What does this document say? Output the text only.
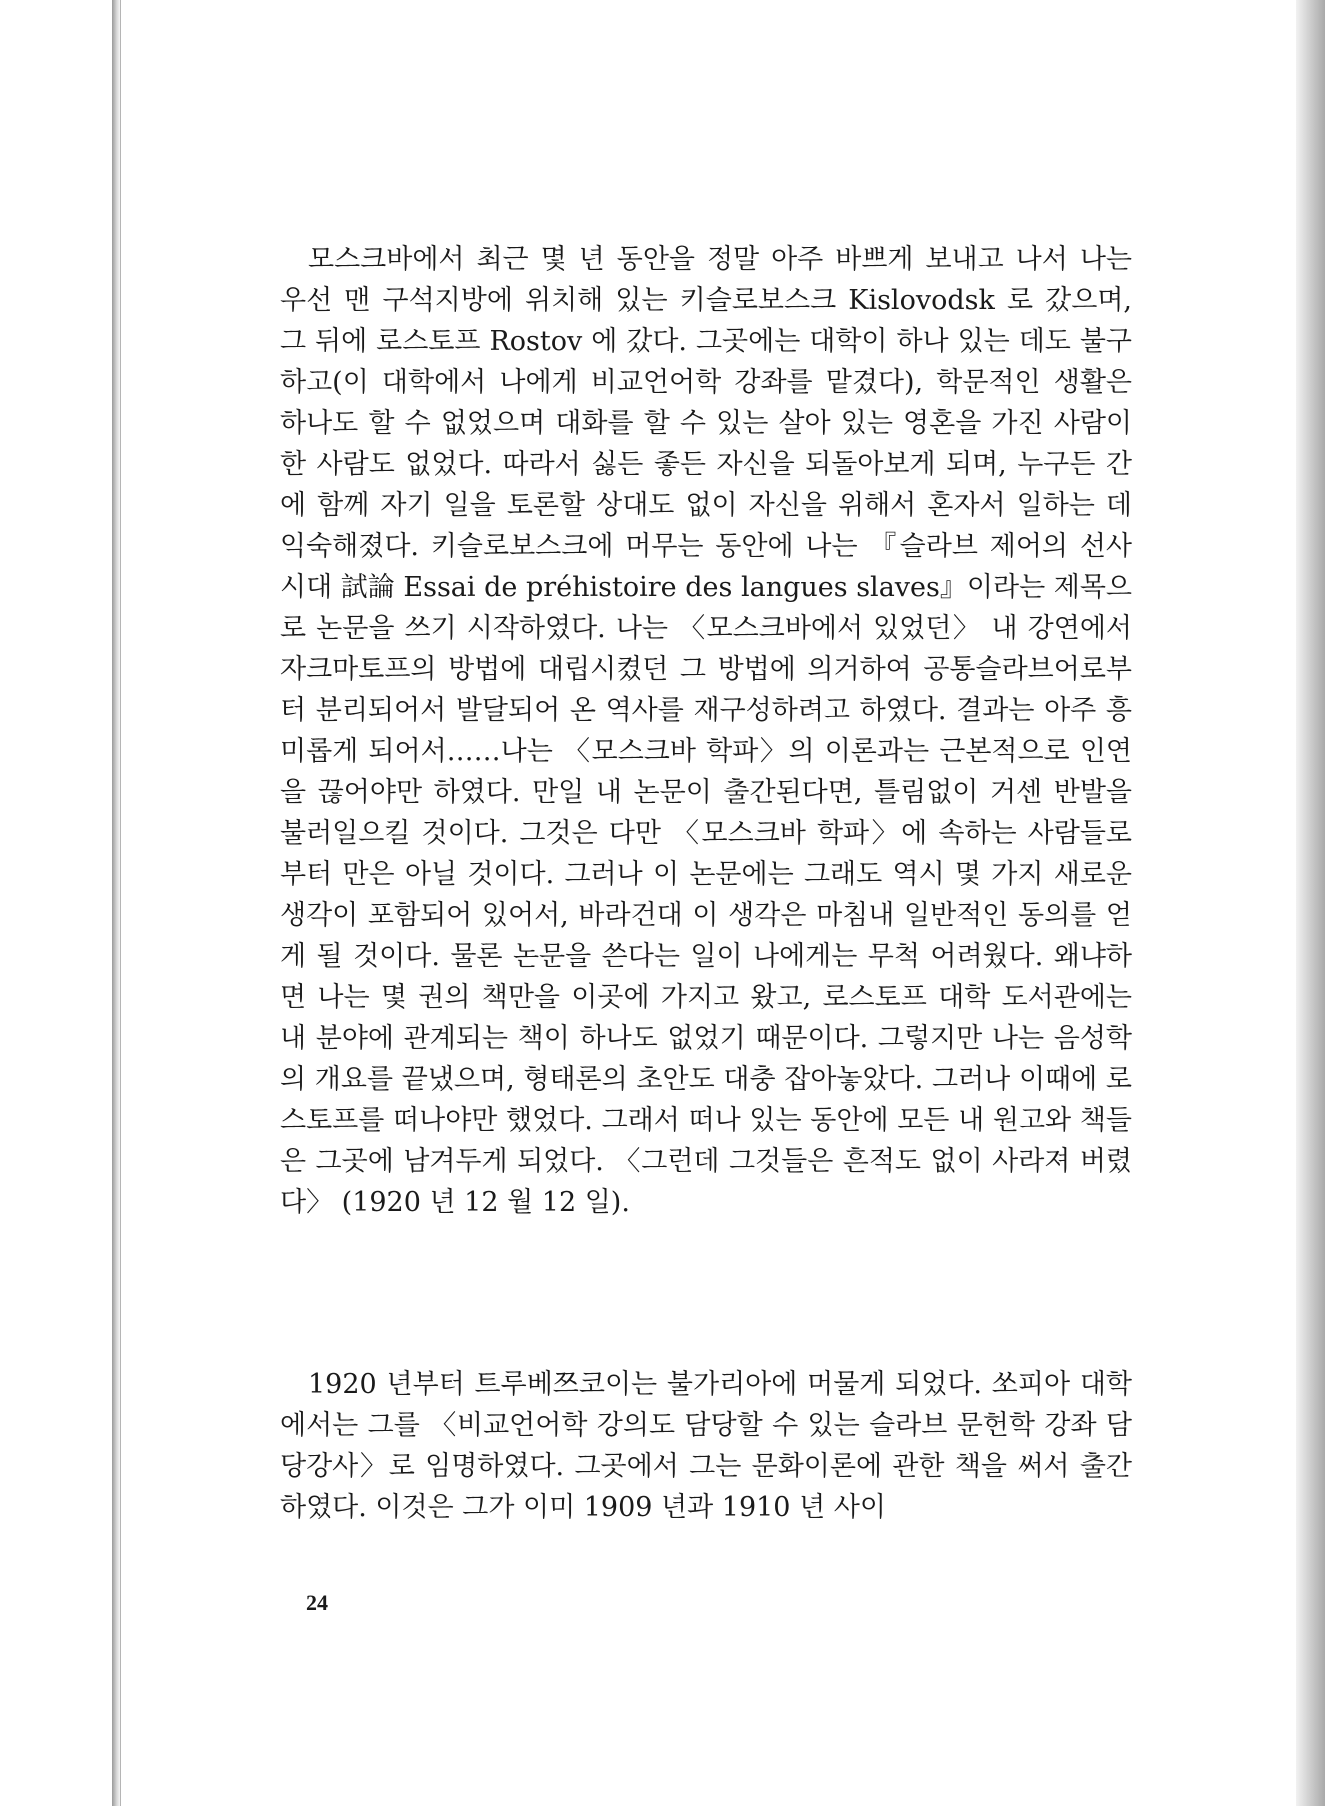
모스크바에서 최근 몇 년 동안을 정말 아주 바쁘게 보내고 나서 나는 우선 맨 구석지방에 위치해 있는 키슬로보스크 Kislovodsk 로 갔으며, 그 뒤에 로스토프 Rostov 에 갔다. 그곳에는 대학이 하나 있는 데도 불구하고(이 대학에서 나에게 비교언어학 강좌를 맡겼다), 학문적인 생활은 하나도 할 수 없었으며 대화를 할 수 있는 살아 있는 영혼을 가진 사람이 한 사람도 없었다. 따라서 싫든 좋든 자신을 되돌아보게 되며, 누구든 간에 함께 자기 일을 토론할 상대도 없이 자신을 위해서 혼자서 일하는 데 익숙해졌다. 키슬로보스크에 머무는 동안에 나는 『슬라브 제어의 선사시대 試論 Essai de préhistoire des langues slaves』이라는 제목으로 논문을 쓰기 시작하였다. 나는 〈모스크바에서 있었던〉 내 강연에서 자크마토프의 방법에 대립시켰던 그 방법에 의거하여 공통슬라브어로부터 분리되어서 발달되어 온 역사를 재구성하려고 하였다. 결과는 아주 흥미롭게 되어서……나는 〈모스크바 학파〉의 이론과는 근본적으로 인연을 끊어야만 하였다. 만일 내 논문이 출간된다면, 틀림없이 거센 반발을 불러일으킬 것이다. 그것은 다만 〈모스크바 학파〉에 속하는 사람들로부터 만은 아닐 것이다. 그러나 이 논문에는 그래도 역시 몇 가지 새로운 생각이 포함되어 있어서, 바라건대 이 생각은 마침내 일반적인 동의를 얻게 될 것이다. 물론 논문을 쓴다는 일이 나에게는 무척 어려웠다. 왜냐하면 나는 몇 권의 책만을 이곳에 가지고 왔고, 로스토프 대학 도서관에는 내 분야에 관계되는 책이 하나도 없었기 때문이다. 그렇지만 나는 음성학의 개요를 끝냈으며, 형태론의 초안도 대충 잡아놓았다. 그러나 이때에 로스토프를 떠나야만 했었다. 그래서 떠나 있는 동안에 모든 내 원고와 책들은 그곳에 남겨두게 되었다. 〈그런데 그것들은 흔적도 없이 사라져 버렸다〉 (1920 년 12 월 12 일).

1920 년부터 트루베쯔코이는 불가리아에 머물게 되었다. 쏘피아 대학에서는 그를 〈비교언어학 강의도 담당할 수 있는 슬라브 문헌학 강좌 담당강사〉로 임명하였다. 그곳에서 그는 문화이론에 관한 책을 써서 출간하였다. 이것은 그가 이미 1909 년과 1910 년 사이

24
